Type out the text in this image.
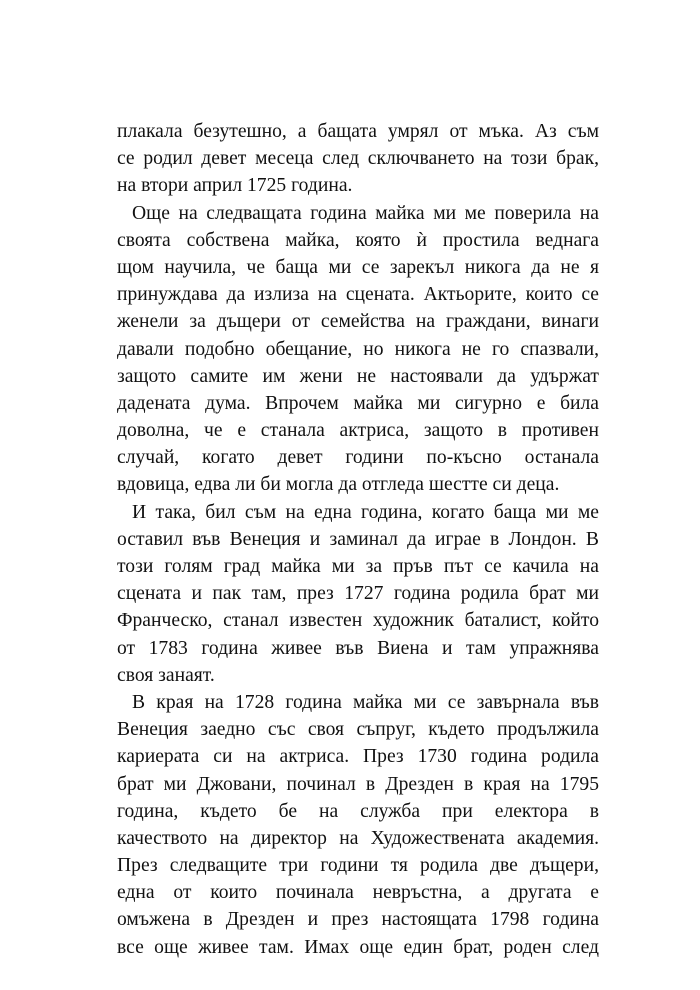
плакала безутешно, а бащата умрял от мъка. Аз съм
се родил девет месеца след сключването на този брак,
на втори април 1725 година.

Още на следващата година майка ми ме поверила на
своята собствена майка, която ѝ простила веднага
щом научила, че баща ми се зарекъл никога да не я
принуждава да излиза на сцената. Актьорите, които се
женели за дъщери от семейства на граждани, винаги
давали подобно обещание, но никога не го спазвали,
защото самите им жени не настоявали да удържат
дадената дума. Впрочем майка ми сигурно е била
доволна, че е станала актриса, защото в противен
случай, когато девет години по-късно останала
вдовица, едва ли би могла да отгледа шестте си деца.

И така, бил съм на една година, когато баща ми ме
оставил във Венеция и заминал да играе в Лондон. В
този голям град майка ми за пръв път се качила на
сцената и пак там, през 1727 година родила брат ми
Франческо, станал известен художник баталист, който
от 1783 година живее във Виена и там упражнява
своя занаят.

В края на 1728 година майка ми се завърнала във
Венеция заедно със своя съпруг, където продължила
кариерата си на актриса. През 1730 година родила
брат ми Джовани, починал в Дрезден в края на 1795
година, където бе на служба при електора в
качеството на директор на Художествената академия.
През следващите три години тя родила две дъщери,
една от които починала невръстна, а другата е
омъжена в Дрезден и през настоящата 1798 година
все още живее там. Имах още един брат, роден след
